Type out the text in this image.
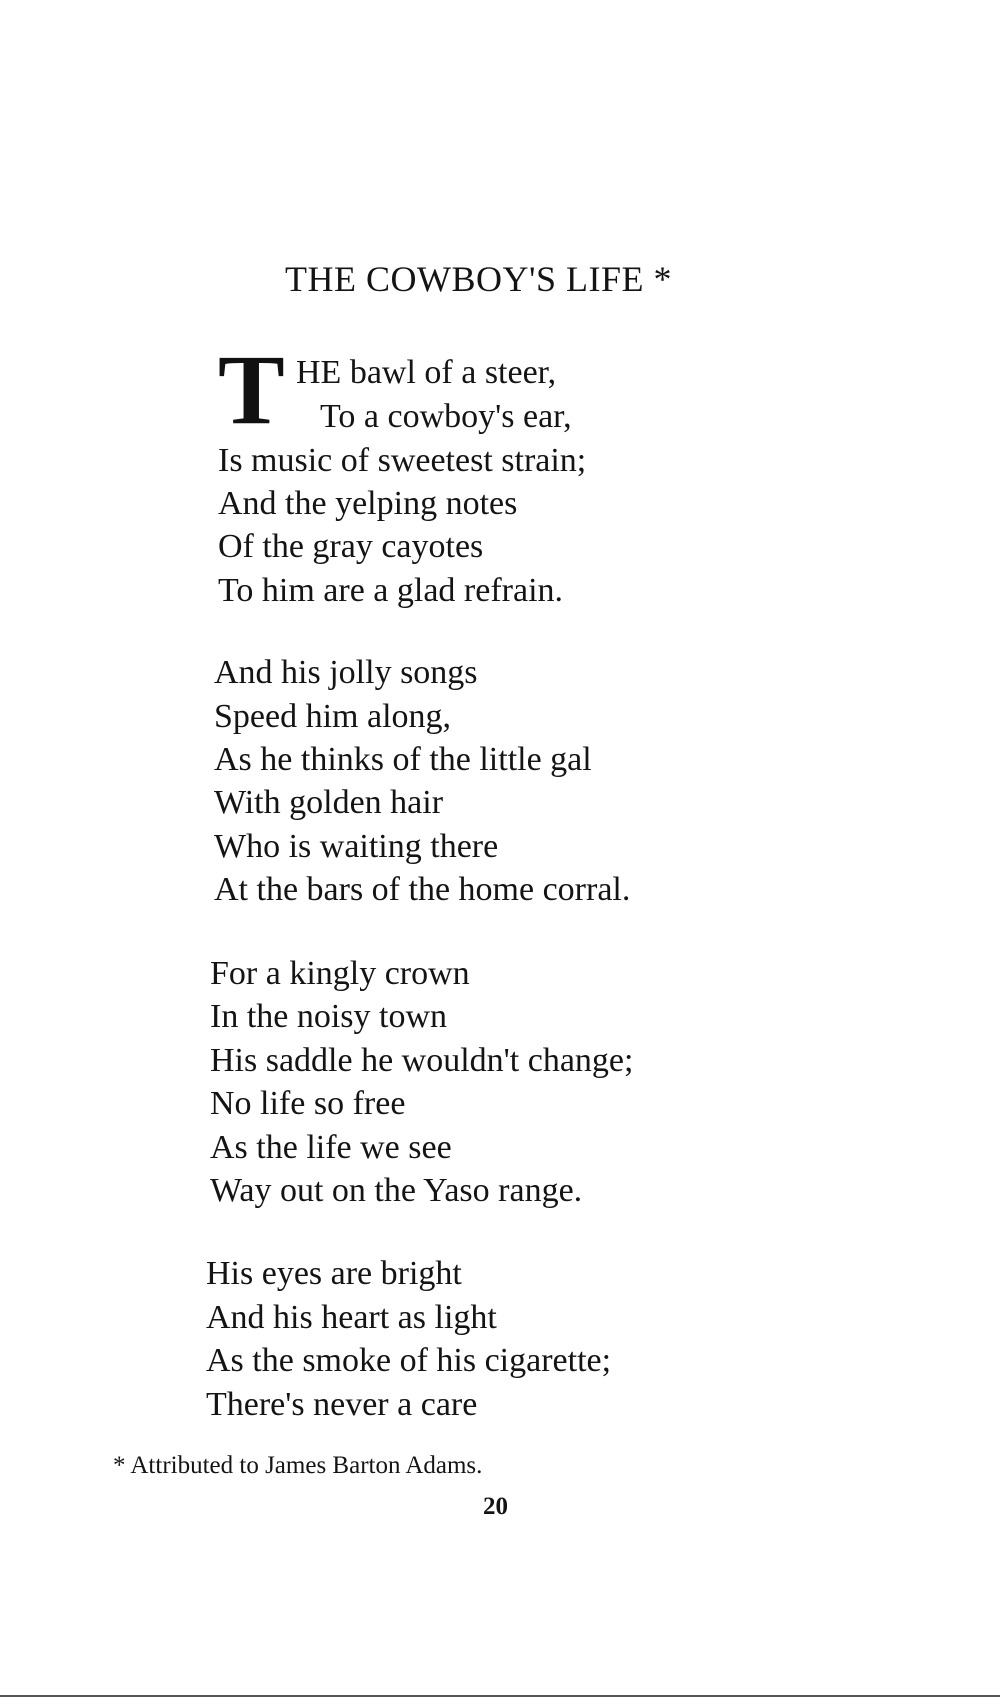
THE COWBOY'S LIFE *
T HE bawl of a steer,
To a cowboy's ear,
Is music of sweetest strain;
And the yelping notes
Of the gray cayotes
To him are a glad refrain.
And his jolly songs
Speed him along,
As he thinks of the little gal
With golden hair
Who is waiting there
At the bars of the home corral.
For a kingly crown
In the noisy town
His saddle he wouldn't change;
No life so free
As the life we see
Way out on the Yaso range.
His eyes are bright
And his heart as light
As the smoke of his cigarette;
There's never a care
* Attributed to James Barton Adams.
20
